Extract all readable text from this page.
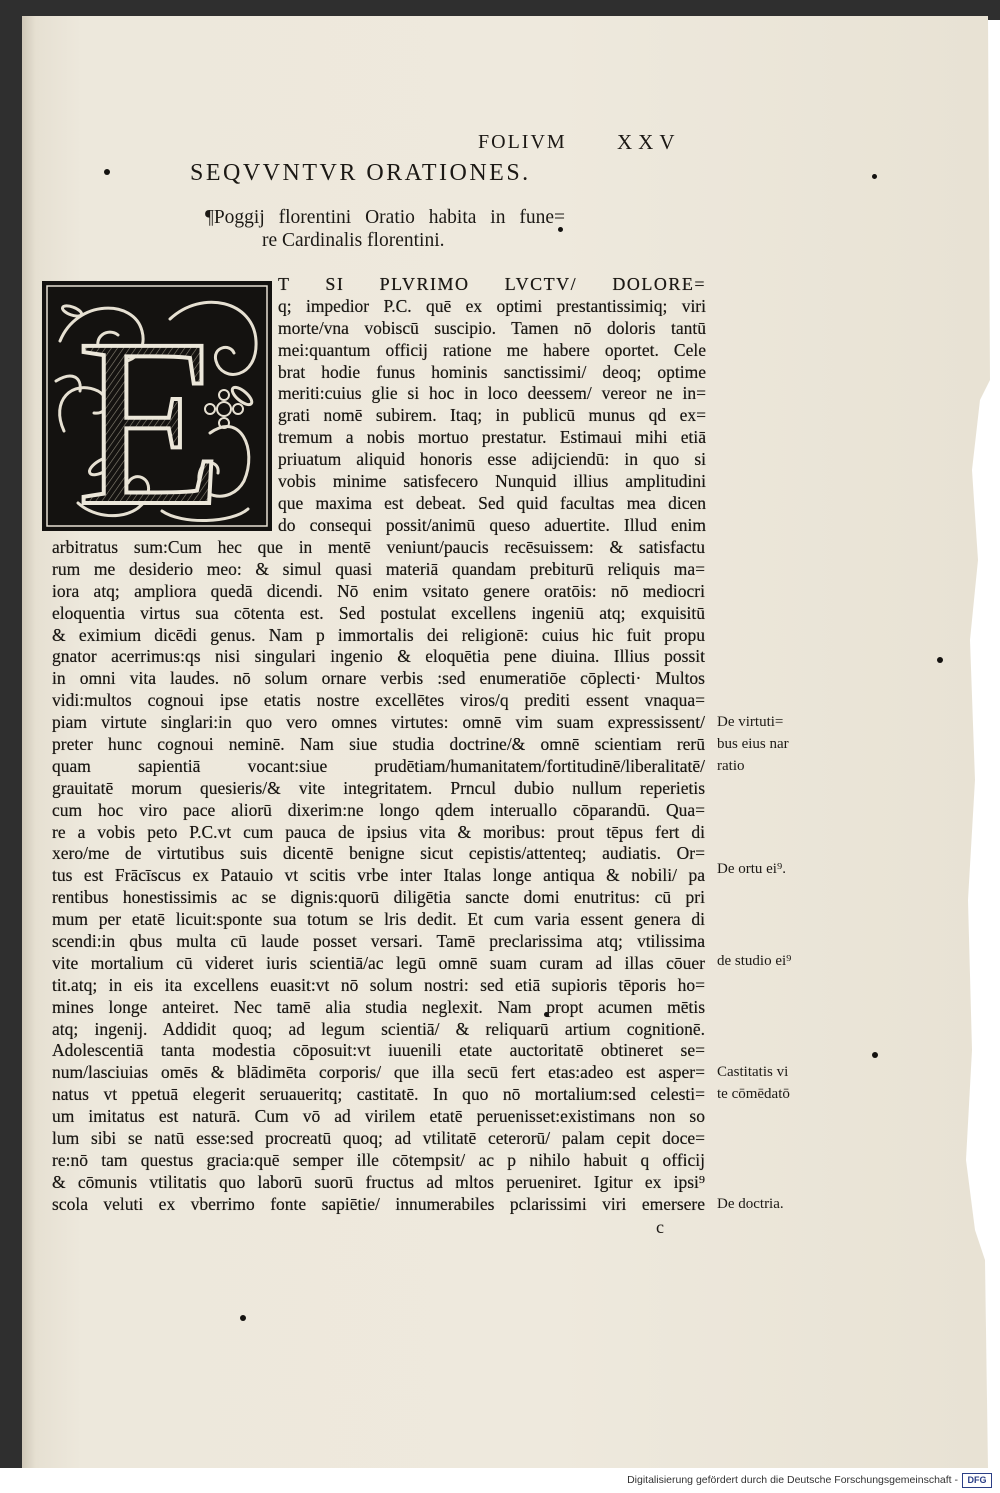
FOLIVM XXV
SEQVVNTVR ORATIONES.
¶Poggij florentini Oratio habita in fune=
re Cardinalis florentini.
E
T SI PLVRIMO LVCTV/ DOLORE=
q; impedior P.C. quē ex optimi prestantissimiq; viri
morte/vna vobiscū suscipio. Tamen nō doloris tantū
mei:quantum officij ratione me habere oportet. Cele
brat hodie funus hominis sanctissimi/ deoq; optime
meriti:cuius glie si hoc in loco deessem/ vereor ne in=
grati nomē subirem. Itaq; in publicū munus qd ex=
tremum a nobis mortuo prestatur. Estimaui mihi etiā
priuatum aliquid honoris esse adijciendū: in quo si
vobis minime satisfecero Nunquid illius amplitudini
que maxima est debeat. Sed quid facultas mea dicen
do consequi possit/animū queso aduertite. Illud enim
arbitratus sum:Cum hec que in mentē veniunt/paucis recēsuissem: & satisfactu
rum me desiderio meo: & simul quasi materiā quandam prebiturū reliquis ma=
iora atq; ampliora quedā dicendi. Nō enim vsitato genere oratōis: nō mediocri
eloquentia virtus sua cōtenta est. Sed postulat excellens ingeniū atq; exquisitū
& eximium dicēdi genus. Nam p immortalis dei religionē: cuius hic fuit propu
gnator acerrimus:qs nisi singulari ingenio & eloquētia pene diuina. Illius possit
in omni vita laudes. nō solum ornare verbis :sed enumeratiōe cōplecti· Multos
vidi:multos cognoui ipse etatis nostre excellētes viros/q prediti essent vnaqua=
piam virtute singlari:in quo vero omnes virtutes: omnē vim suam expressissent/
preter hunc cognoui neminē. Nam siue studia doctrine/& omnē scientiam rerū
quam sapientiā vocant:siue prudētiam/humanitatem/fortitudinē/liberalitatē/
grauitatē morum quesieris/& vite integritatem. Prncul dubio nullum reperietis
cum hoc viro pace aliorū dixerim:ne longo qdem interuallo cōparandū. Qua=
re a vobis peto P.C.vt cum pauca de ipsius vita & moribus: prout tēpus fert di
xero/me de virtutibus suis dicentē benigne sicut cepistis/attenteq; audiatis. Or=
tus est Frācīscus ex Patauio vt scitis vrbe inter Italas longe antiqua & nobili/ pa
rentibus honestissimis ac se dignis:quorū diligētia sancte domi enutritus: cū pri
mum per etatē licuit:sponte sua totum se lris dedit. Et cum varia essent genera di
scendi:in qbus multa cū laude posset versari. Tamē preclarissima atq; vtilissima
vite mortalium cū videret iuris scientiā/ac legū omnē suam curam ad illas cōuer
tit.atq; in eis ita excellens euasit:vt nō solum nostri: sed etiā supioris tēporis ho=
mines longe anteiret. Nec tamē alia studia neglexit. Nam propt acumen mētis
atq; ingenij. Addidit quoq; ad legum scientiā/ & reliquarū artium cognitionē.
Adolescentiā tanta modestia cōposuit:vt iuuenili etate auctoritatē obtineret se=
num/lasciuias omēs & blādimēta corporis/ que illa secū fert etas:adeo est asper=
natus vt ppetuā elegerit seruaueritq; castitatē. In quo nō mortalium:sed celesti=
um imitatus est naturā. Cum vō ad virilem etatē peruenisset:existimans non so
lum sibi se natū esse:sed procreatū quoq; ad vtilitatē ceterorū/ palam cepit doce=
re:nō tam questus gracia:quē semper ille cōtempsit/ ac p nihilo habuit q officij
& cōmunis vtilitatis quo laborū suorū fructus ad mltos perueniret. Igitur ex ipsi⁹
scola veluti ex vberrimo fonte sapiētie/ innumerabiles pclarissimi viri emersere
De virtuti=
bus eius nar
ratio
De ortu ei⁹.
de studio ei⁹
Castitatis vi
te cōmēdatō
De doctria.
c
Digitalisierung gefördert durch die Deutsche Forschungsgemeinschaft -	DFG
